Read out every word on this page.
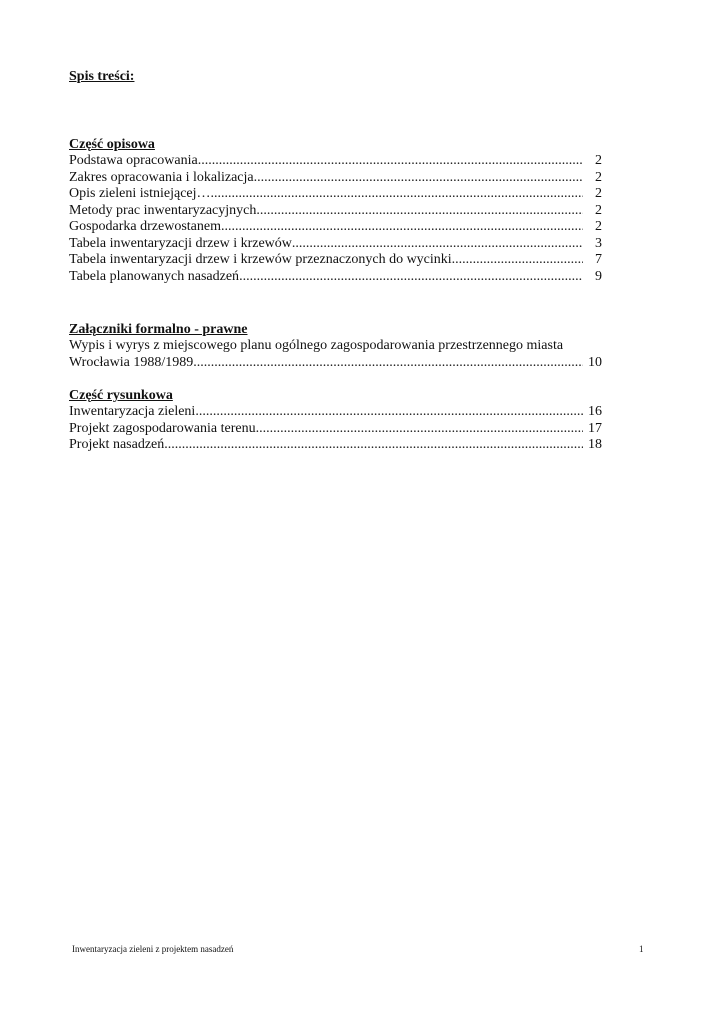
Spis treści:
Część opisowa
Podstawa opracowania .....	2
Zakres opracowania i lokalizacja .....	2
Opis zieleni istniejącej… .....	2
Metody prac inwentaryzacyjnych .....	2
Gospodarka drzewostanem .....	2
Tabela inwentaryzacji drzew i krzewów .....	3
Tabela inwentaryzacji drzew i krzewów przeznaczonych do wycinki .....	7
Tabela planowanych nasadzeń .....	9
Załączniki formalno - prawne
Wypis i wyrys z miejscowego planu ogólnego zagospodarowania przestrzennego miasta
Wrocławia 1988/1989 .....	10
Część rysunkowa
Inwentaryzacja zieleni .....	16
Projekt zagospodarowania terenu .....	17
Projekt nasadzeń .....	18
Inwentaryzacja zieleni z projektem nasadzeń	1
